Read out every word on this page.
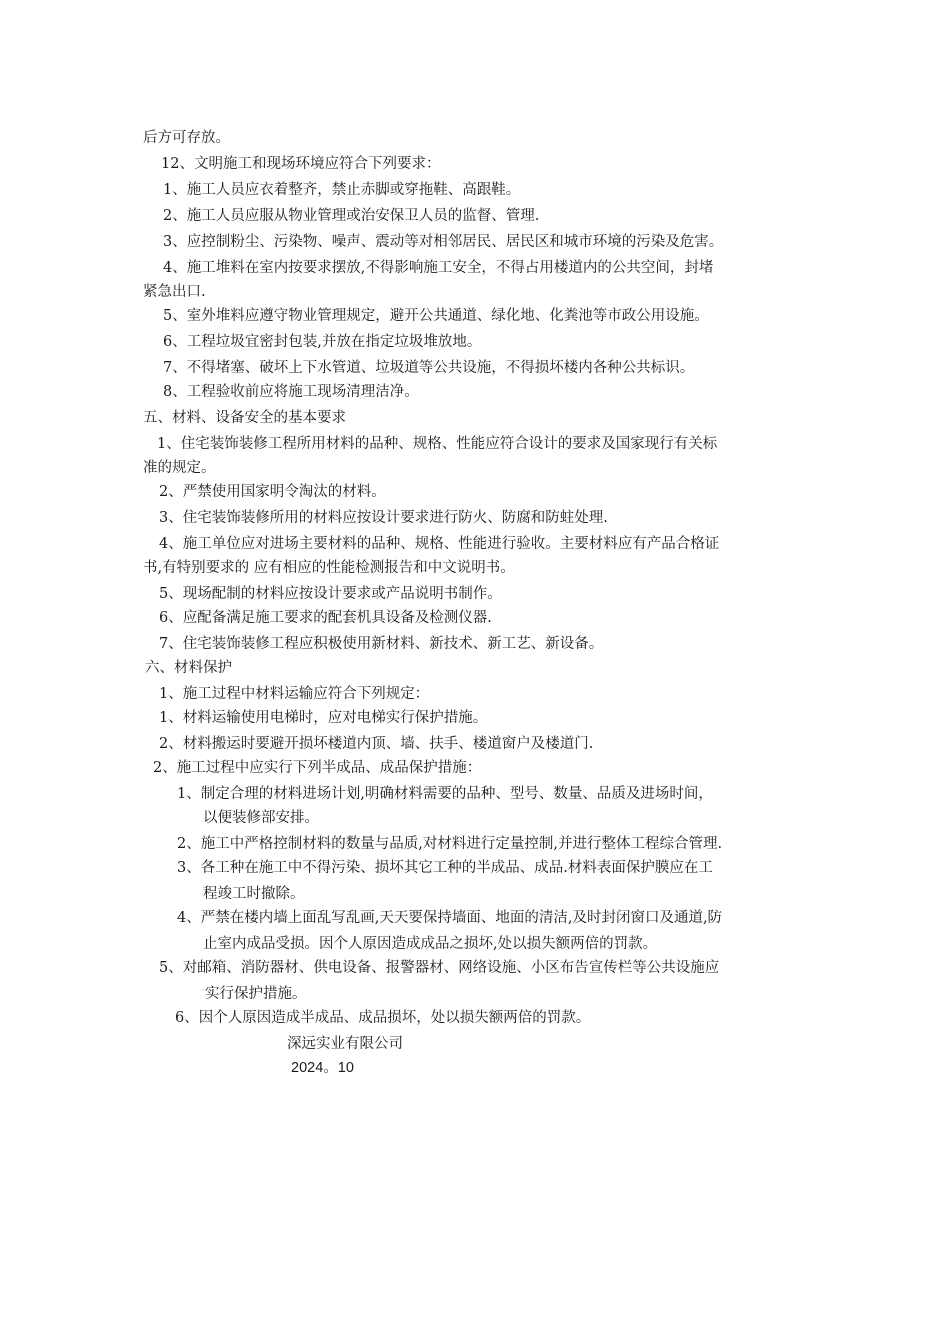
后方可存放。
12、文明施工和现场环境应符合下列要求：
1、施工人员应衣着整齐，禁止赤脚或穿拖鞋、高跟鞋。
2、施工人员应服从物业管理或治安保卫人员的监督、管理.
3、应控制粉尘、污染物、噪声、震动等对相邻居民、居民区和城市环境的污染及危害。
4、施工堆料在室内按要求摆放,不得影响施工安全，不得占用楼道内的公共空间，封堵
紧急出口.
5、室外堆料应遵守物业管理规定，避开公共通道、绿化地、化粪池等市政公用设施。
6、工程垃圾宜密封包装,并放在指定垃圾堆放地。
7、不得堵塞、破坏上下水管道、垃圾道等公共设施，不得损坏楼内各种公共标识。
8、工程验收前应将施工现场清理洁净。
五、材料、设备安全的基本要求
1、住宅装饰装修工程所用材料的品种、规格、性能应符合设计的要求及国家现行有关标
准的规定。
2、严禁使用国家明令淘汰的材料。
3、住宅装饰装修所用的材料应按设计要求进行防火、防腐和防蛀处理.
4、施工单位应对进场主要材料的品种、规格、性能进行验收。主要材料应有产品合格证
书,有特别要求的 应有相应的性能检测报告和中文说明书。
5、现场配制的材料应按设计要求或产品说明书制作。
6、应配备满足施工要求的配套机具设备及检测仪器.
7、住宅装饰装修工程应积极使用新材料、新技术、新工艺、新设备。
六、材料保护
1、施工过程中材料运输应符合下列规定：
1、材料运输使用电梯时，应对电梯实行保护措施。
2、材料搬运时要避开损坏楼道内顶、墙、扶手、楼道窗户及楼道门.
2、施工过程中应实行下列半成品、成品保护措施：
1、制定合理的材料进场计划,明确材料需要的品种、型号、数量、品质及进场时间，
以便装修部安排。
2、施工中严格控制材料的数量与品质,对材料进行定量控制,并进行整体工程综合管理.
3、各工种在施工中不得污染、损坏其它工种的半成品、成品.材料表面保护膜应在工
程竣工时撤除。
4、严禁在楼内墙上面乱写乱画,天天要保持墙面、地面的清洁,及时封闭窗口及通道,防
止室内成品受损。因个人原因造成成品之损坏,处以损失额两倍的罚款。
5、对邮箱、消防器材、供电设备、报警器材、网络设施、小区布告宣传栏等公共设施应
实行保护措施。
6、因个人原因造成半成品、成品损坏，处以损失额两倍的罚款。
深远实业有限公司
2024。10
